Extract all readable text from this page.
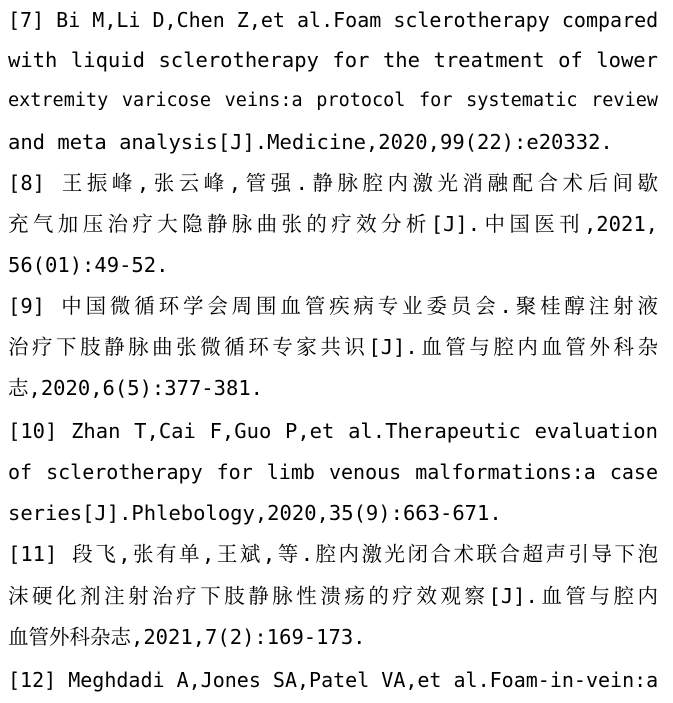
[7] Bi M,Li D,Chen Z,et al.Foam sclerotherapy compared
with liquid sclerotherapy for the treatment of lower
extremity varicose veins:a protocol for systematic review
and meta analysis[J].Medicine,2020,99(22):e20332.
[8] 王振峰,张云峰,管强.静脉腔内激光消融配合术后间歇
充气加压治疗大隐静脉曲张的疗效分析[J].中国医刊,2021,
56(01):49-52.
[9] 中国微循环学会周围血管疾病专业委员会.聚桂醇注射液
治疗下肢静脉曲张微循环专家共识[J].血管与腔内血管外科杂
志,2020,6(5):377-381.
[10] Zhan T,Cai F,Guo P,et al.Therapeutic evaluation
of sclerotherapy for limb venous malformations:a case
series[J].Phlebology,2020,35(9):663-671.
[11] 段飞,张有单,王斌,等.腔内激光闭合术联合超声引导下泡
沫硬化剂注射治疗下肢静脉性溃疡的疗效观察[J].血管与腔内
血管外科杂志,2021,7(2):169-173.
[12] Meghdadi A,Jones SA,Patel VA,et al.Foam-in-vein:a
